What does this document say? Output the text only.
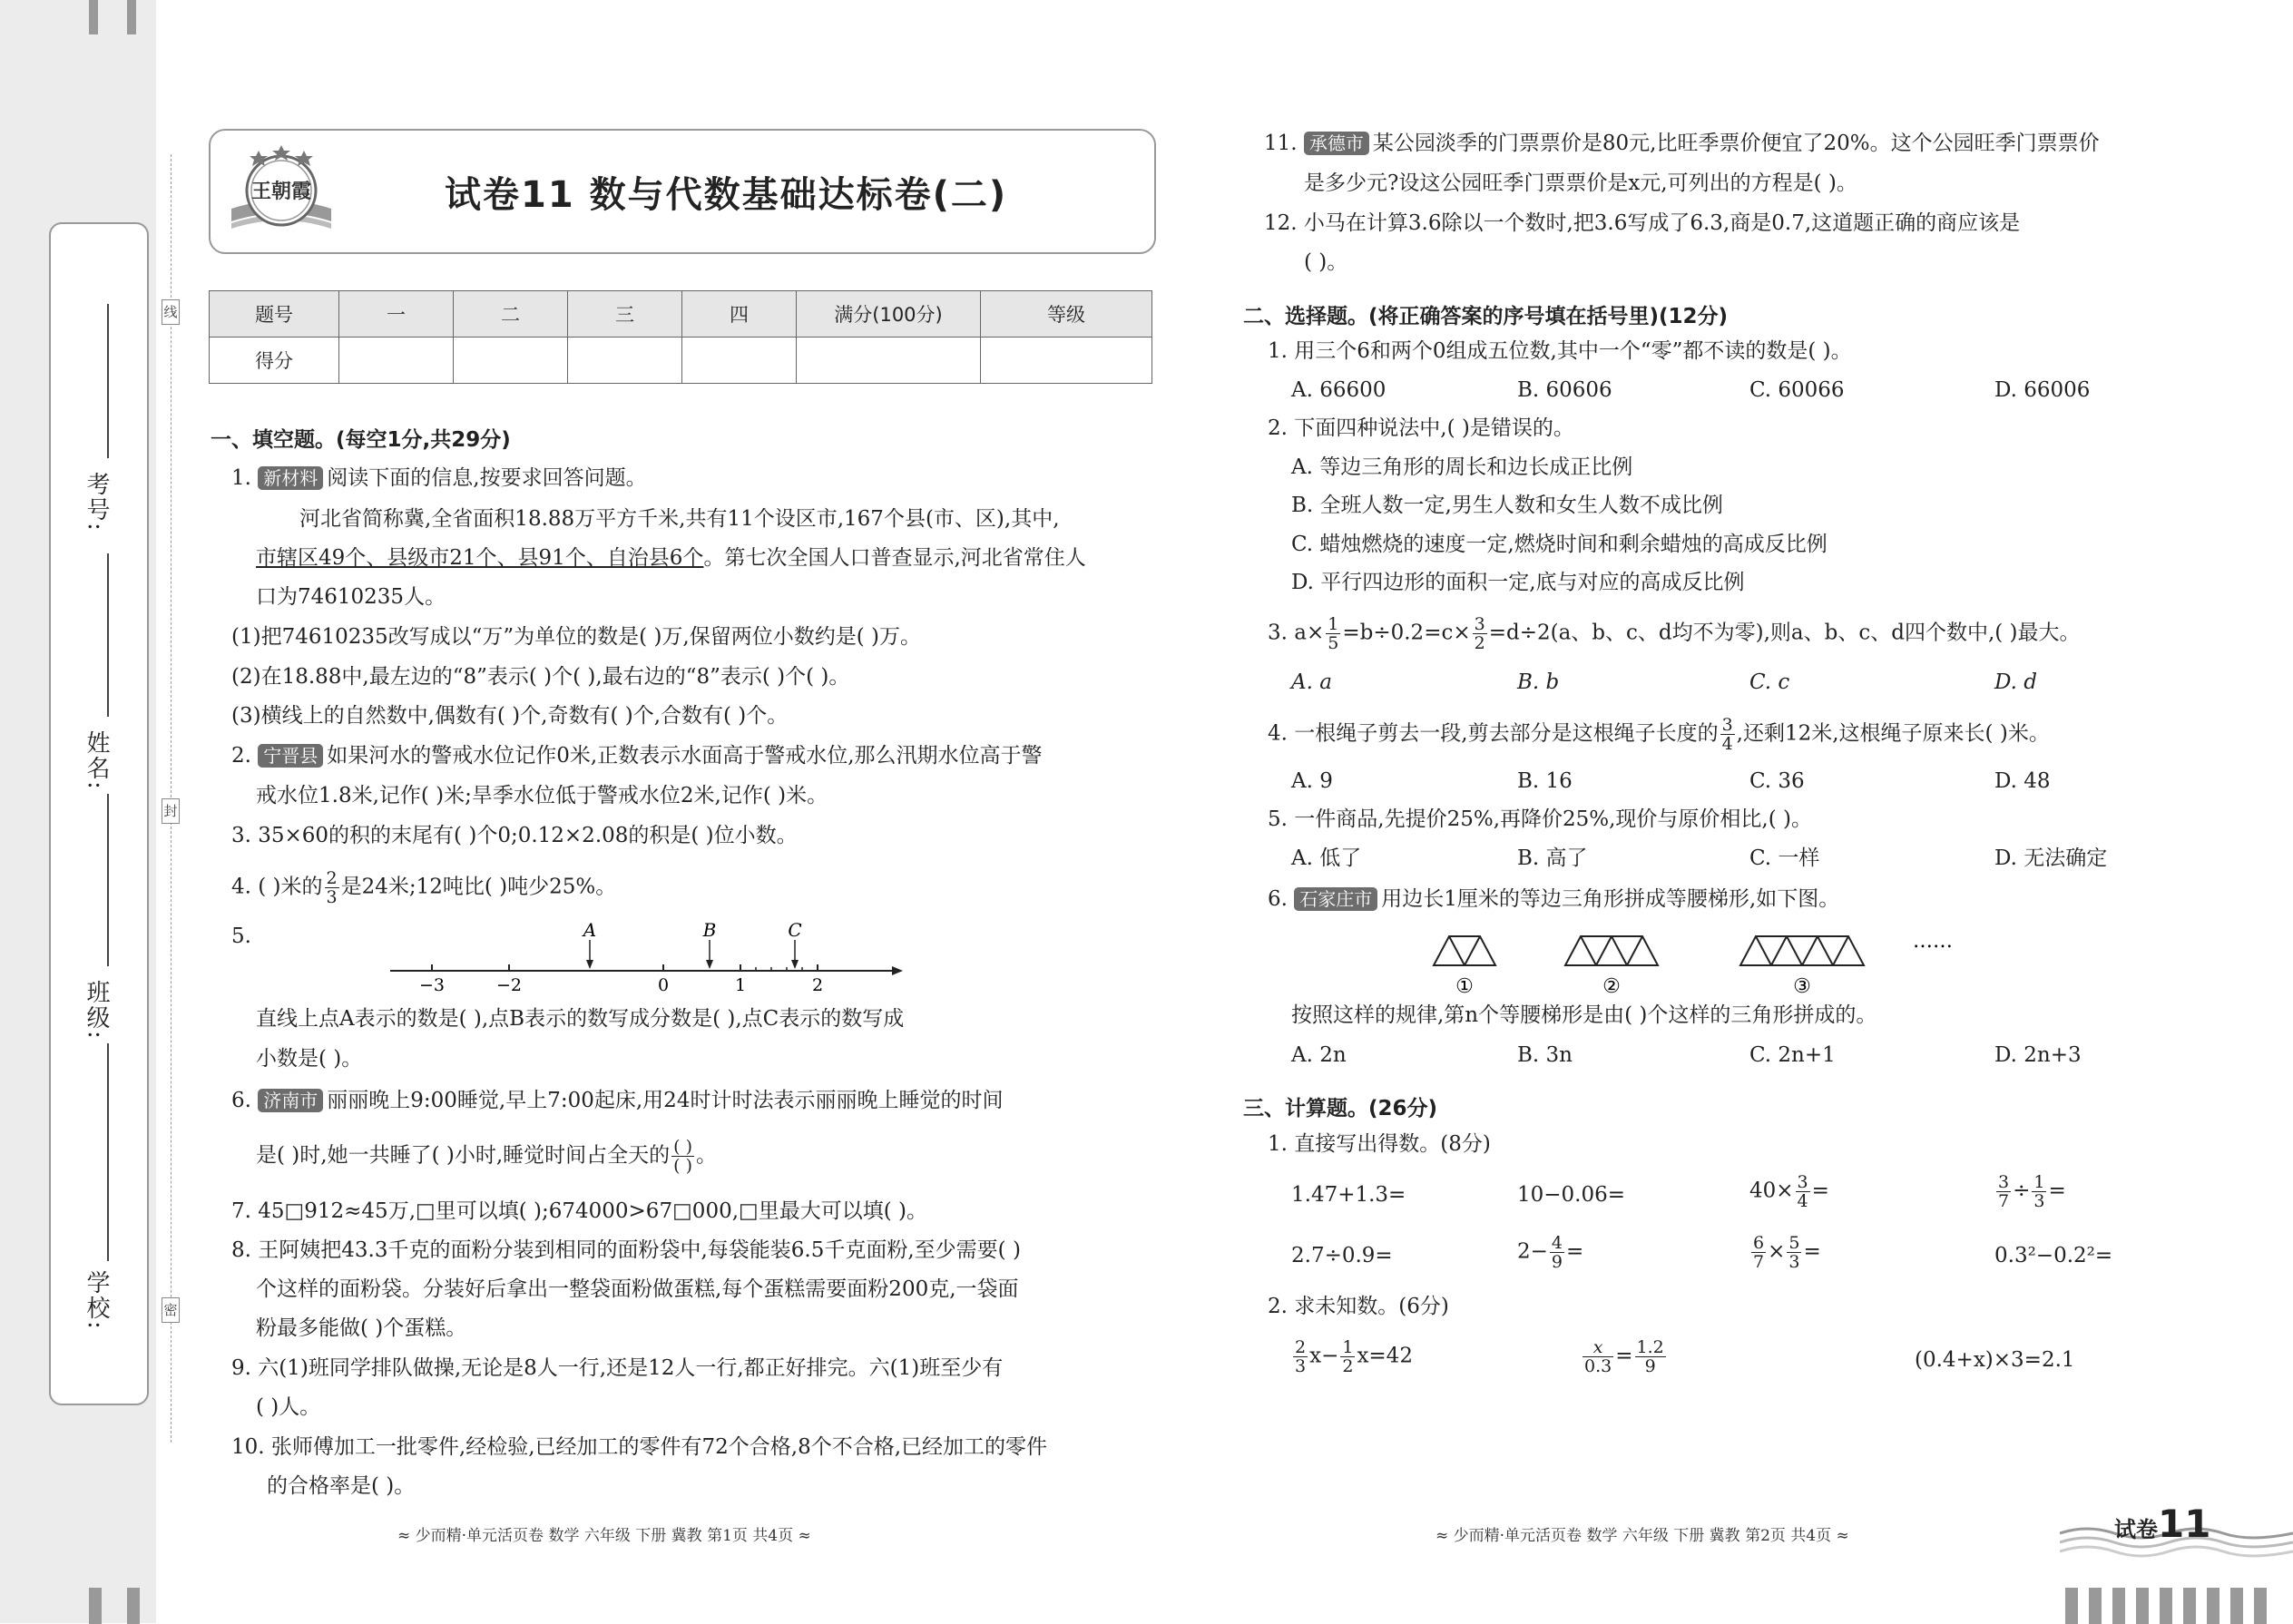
考号:
姓名:
班级:
学校:
线
封
密
王朝霞	试卷11 数与代数基础达标卷(二)
题号	一	二	三	四	满分(100分)	等级
得分						
一、填空题。(每空1分,共29分)
1. 新材料 阅读下面的信息,按要求回答问题。
河北省简称冀,全省面积18.88万平方千米,共有11个设区市,167个县(市、区),其中,
市辖区49个、县级市21个、县91个、自治县6个。第七次全国人口普查显示,河北省常住人
口为74610235人。
(1)把74610235改写成以“万”为单位的数是( )万,保留两位小数约是( )万。
(2)在18.88中,最左边的“8”表示( )个( ),最右边的“8”表示( )个( )。
(3)横线上的自然数中,偶数有( )个,奇数有( )个,合数有( )个。
2. 宁晋县 如果河水的警戒水位记作0米,正数表示水面高于警戒水位,那么汛期水位高于警
戒水位1.8米,记作( )米;旱季水位低于警戒水位2米,记作( )米。
3. 35×60的积的末尾有( )个0;0.12×2.08的积是( )位小数。
4. ( )米的 $\frac{2}{3}$ 是24米;12吨比( )吨少25%。
5.
−3	−2	0	1	2
A	B	C
直线上点A表示的数是( ),点B表示的数写成分数是( ),点C表示的数写成
小数是( )。
6. 济南市 丽丽晚上9:00睡觉,早上7:00起床,用24时计时法表示丽丽晚上睡觉的时间
是( )时,她一共睡了( )小时,睡觉时间占全天的 $\frac{( )}{( )}$ 。
7. 45□912≈45万,□里可以填( );674000>67□000,□里最大可以填( )。
8. 王阿姨把43.3千克的面粉分装到相同的面粉袋中,每袋能装6.5千克面粉,至少需要( )
个这样的面粉袋。分装好后拿出一整袋面粉做蛋糕,每个蛋糕需要面粉200克,一袋面
粉最多能做( )个蛋糕。
9. 六(1)班同学排队做操,无论是8人一行,还是12人一行,都正好排完。六(1)班至少有
( )人。
10. 张师傅加工一批零件,经检验,已经加工的零件有72个合格,8个不合格,已经加工的零件
的合格率是( )。
≈ 少而精·单元活页卷 数学 六年级 下册 冀教 第1页 共4页 ≈
11. 承德市 某公园淡季的门票票价是80元,比旺季票价便宜了20%。这个公园旺季门票票价
是多少元?设这公园旺季门票票价是x元,可列出的方程是( )。
12. 小马在计算3.6除以一个数时,把3.6写成了6.3,商是0.7,这道题正确的商应该是
( )。
二、选择题。(将正确答案的序号填在括号里)(12分)
1. 用三个6和两个0组成五位数,其中一个“零”都不读的数是( )。
A. 66600	B. 60606	C. 60066	D. 66006
2. 下面四种说法中,( )是错误的。
A. 等边三角形的周长和边长成正比例
B. 全班人数一定,男生人数和女生人数不成比例
C. 蜡烛燃烧的速度一定,燃烧时间和剩余蜡烛的高成反比例
D. 平行四边形的面积一定,底与对应的高成反比例
3. $a\times \frac{1}{5} =b\div 0.2=c\times \frac{3}{2} =d\div 2(a$、b、c、d均不为零),则a、b、c、d四个数中,( )最大。
A. a	B. b	C. c	D. d
4. 一根绳子剪去一段,剪去部分是这根绳子长度的 $\frac{3}{4}$ ,还剩12米,这根绳子原来长( )米。
A. 9	B. 16	C. 36	D. 48
5. 一件商品,先提价25%,再降价25%,现价与原价相比,( )。
A. 低了	B. 高了	C. 一样	D. 无法确定
6. 石家庄市 用边长1厘米的等边三角形拼成等腰梯形,如下图。
①	②	③
……
按照这样的规律,第n个等腰梯形是由( )个这样的三角形拼成的。
A. 2n	B. 3n	C. 2n+1	D. 2n+3
三、计算题。(26分)
1. 直接写出得数。(8分)
1.47+1.3=	10−0.06=	$40\times \frac{3}{4}$ =	$\frac{3}{7} \div \frac{1}{3}$ =
2.7÷0.9=	$2- \frac{4}{9}$ =	$\frac{6}{7} \times \frac{5}{3}$ =	0.3²−0.2²=
2. 求未知数。(6分)
$\frac{2}{3} x- \frac{1}{2} x=42$	$\frac{x}{0.3} = \frac{1.2}{9}$	(0.4+x)×3=2.1
≈ 少而精·单元活页卷 数学 六年级 下册 冀教 第2页 共4页 ≈	试卷11
